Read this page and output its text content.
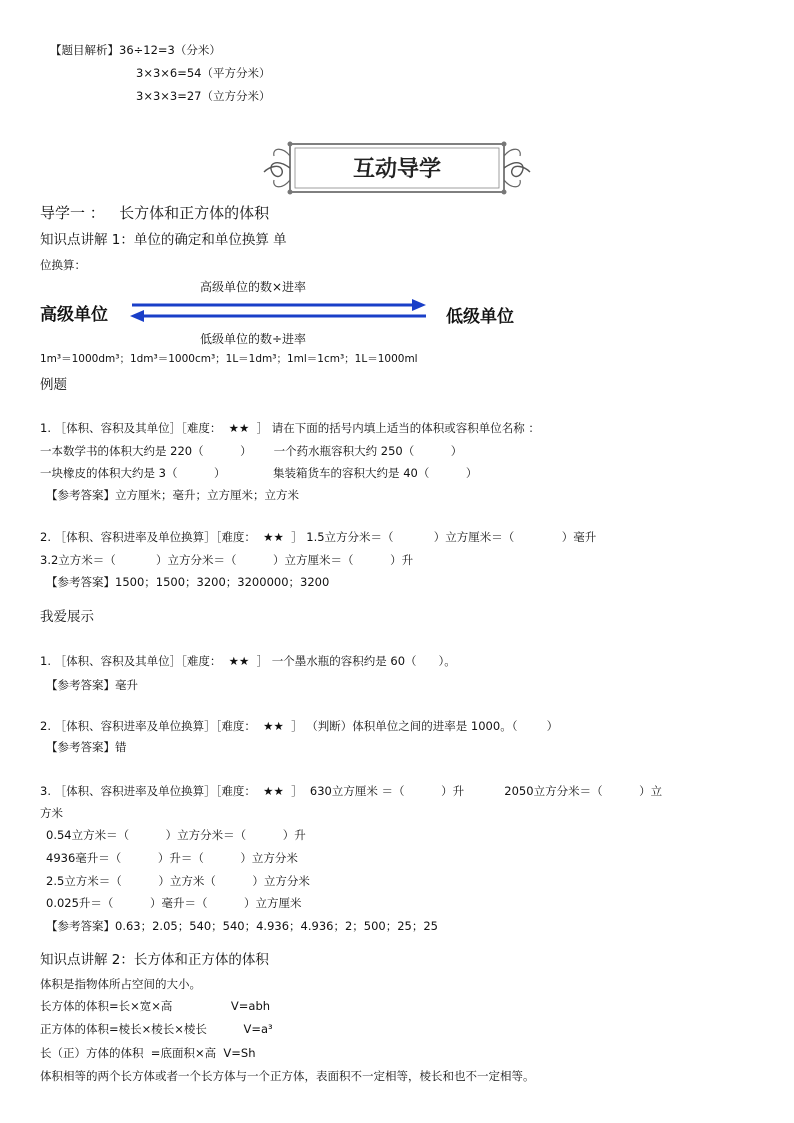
【题目解析】36÷12=3（分米）
3×3×6=54（平方分米）
3×3×3=27（立方分米）
互动导学
导学一 ：   长方体和正方体的体积
知识点讲解 1：单位的确定和单位换算 单
位换算：
高级单位的数×进率
高级单位	低级单位
低级单位的数÷进率
1m³＝1000dm³；1dm³＝1000cm³；1L＝1dm³；1ml＝1cm³；1L＝1000ml
例题
1. ［体积、容积及其单位］［难度：  ★★  ］ 请在下面的括号内填上适当的体积或容积单位名称 ：
一本数学书的体积大约是 220（          ）      一个药水瓶容积大约 250（          ）
一块橡皮的体积大约是 3（          ）             集装箱货车的容积大约是 40（          ）
【参考答案】立方厘米；毫升；立方厘米；立方米
2. ［体积、容积进率及单位换算］［难度：  ★★  ］ 1.5立方分米＝（           ）立方厘米＝（             ）毫升
3.2立方米＝（           ）立方分米＝（          ）立方厘米＝（          ）升
【参考答案】1500；1500；3200；3200000；3200
我爱展示
1. ［体积、容积及其单位］［难度：  ★★  ］ 一个墨水瓶的容积约是 60（      ）。
【参考答案】毫升
2. ［体积、容积进率及单位换算］［难度：  ★★  ］ （判断）体积单位之间的进率是 1000。（        ）
【参考答案】错
3. ［体积、容积进率及单位换算］［难度：  ★★  ］  630立方厘米 ＝（          ）升           2050立方分米＝（          ）立
方米
0.54立方米＝（          ）立方分米＝（          ）升
4936毫升＝（          ）升＝（          ）立方分米
2.5立方米＝（          ）立方米（          ）立方分米
0.025升＝（          ）毫升＝（          ）立方厘米
【参考答案】0.63；2.05；540；540；4.936；4.936；2；500；25；25
知识点讲解 2：长方体和正方体的体积
体积是指物体所占空间的大小。
长方体的体积=长×宽×高                V=abh
正方体的体积=棱长×棱长×棱长          V=a³
长（正）方体的体积  =底面积×高  V=Sh
体积相等的两个长方体或者一个长方体与一个正方体，表面积不一定相等，棱长和也不一定相等。
